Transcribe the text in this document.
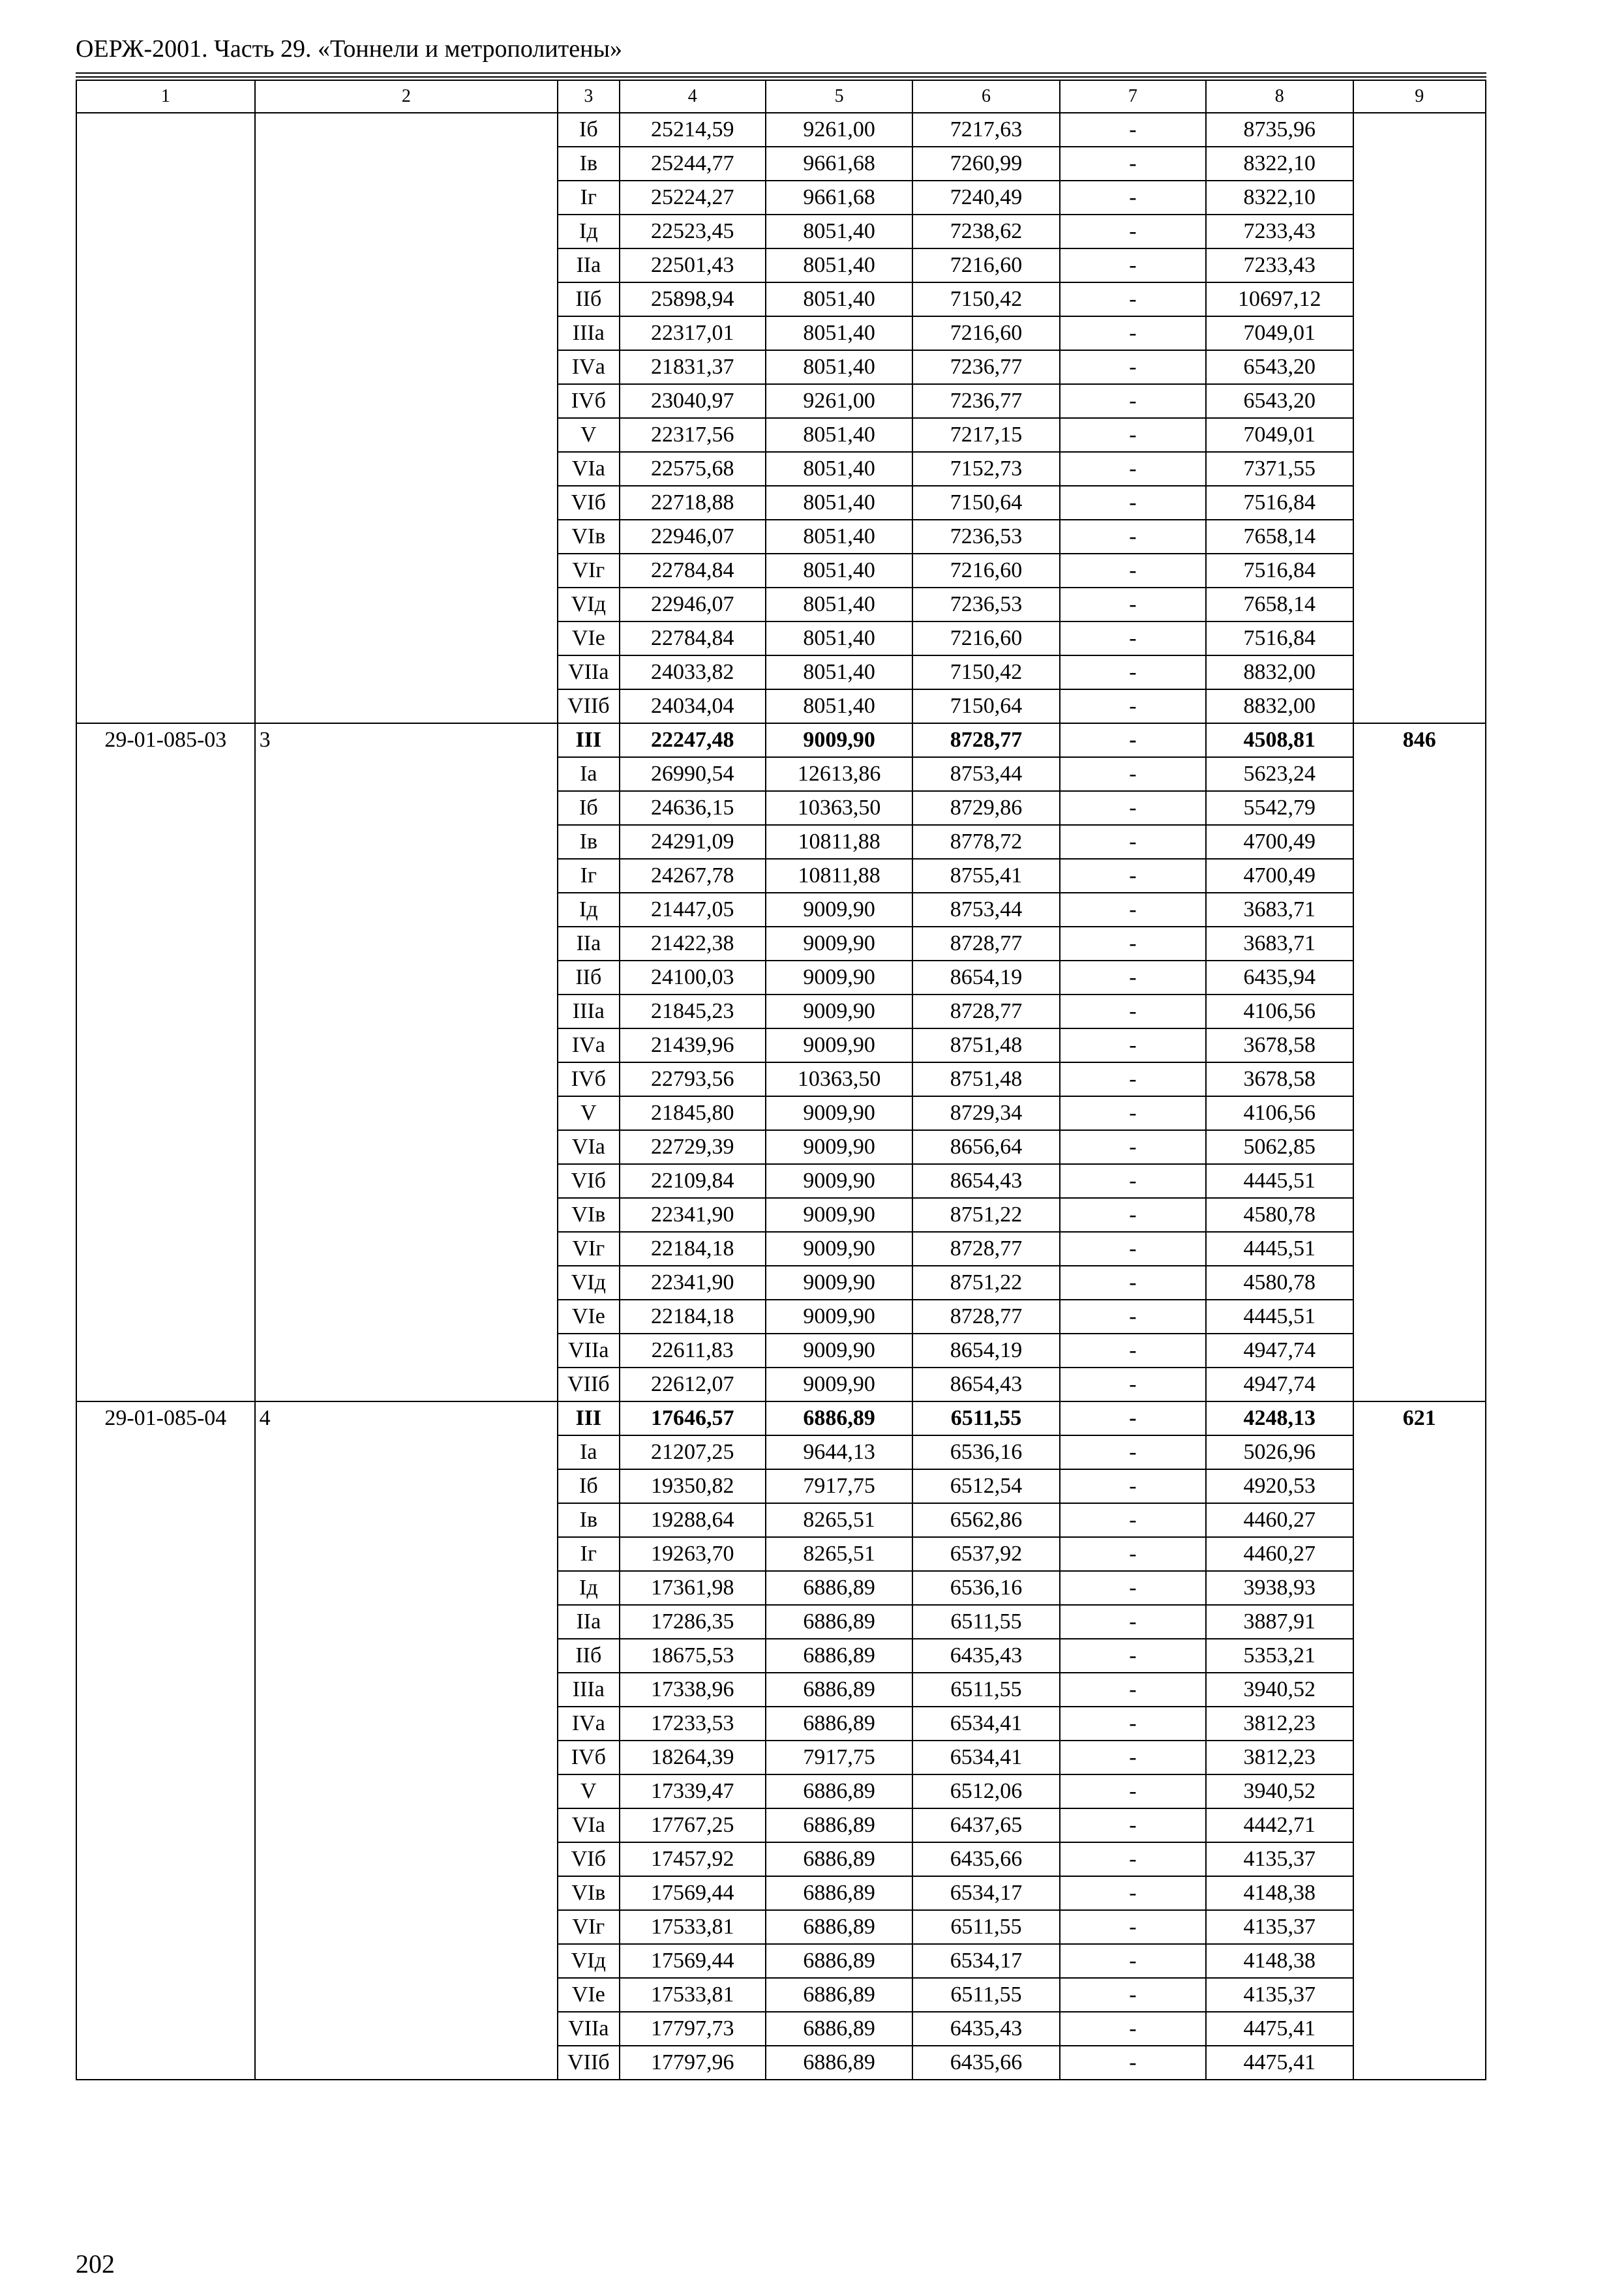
ОЕРЖ-2001. Часть 29. «Тоннели и метрополитены»
1	2	3	4	5	6	7	8	9
		Iб	25214,59	9261,00	7217,63	-	8735,96	
		Iв	25244,77	9661,68	7260,99	-	8322,10	
		Iг	25224,27	9661,68	7240,49	-	8322,10	
		Iд	22523,45	8051,40	7238,62	-	7233,43	
		IIа	22501,43	8051,40	7216,60	-	7233,43	
		IIб	25898,94	8051,40	7150,42	-	10697,12	
		IIIа	22317,01	8051,40	7216,60	-	7049,01	
		IVа	21831,37	8051,40	7236,77	-	6543,20	
		IVб	23040,97	9261,00	7236,77	-	6543,20	
		V	22317,56	8051,40	7217,15	-	7049,01	
		VIа	22575,68	8051,40	7152,73	-	7371,55	
		VIб	22718,88	8051,40	7150,64	-	7516,84	
		VIв	22946,07	8051,40	7236,53	-	7658,14	
		VIг	22784,84	8051,40	7216,60	-	7516,84	
		VIд	22946,07	8051,40	7236,53	-	7658,14	
		VIе	22784,84	8051,40	7216,60	-	7516,84	
		VIIа	24033,82	8051,40	7150,42	-	8832,00	
		VIIб	24034,04	8051,40	7150,64	-	8832,00	
29-01-085-03	3	III	22247,48	9009,90	8728,77	-	4508,81	846
		Iа	26990,54	12613,86	8753,44	-	5623,24	
		Iб	24636,15	10363,50	8729,86	-	5542,79	
		Iв	24291,09	10811,88	8778,72	-	4700,49	
		Iг	24267,78	10811,88	8755,41	-	4700,49	
		Iд	21447,05	9009,90	8753,44	-	3683,71	
		IIа	21422,38	9009,90	8728,77	-	3683,71	
		IIб	24100,03	9009,90	8654,19	-	6435,94	
		IIIа	21845,23	9009,90	8728,77	-	4106,56	
		IVа	21439,96	9009,90	8751,48	-	3678,58	
		IVб	22793,56	10363,50	8751,48	-	3678,58	
		V	21845,80	9009,90	8729,34	-	4106,56	
		VIа	22729,39	9009,90	8656,64	-	5062,85	
		VIб	22109,84	9009,90	8654,43	-	4445,51	
		VIв	22341,90	9009,90	8751,22	-	4580,78	
		VIг	22184,18	9009,90	8728,77	-	4445,51	
		VIд	22341,90	9009,90	8751,22	-	4580,78	
		VIе	22184,18	9009,90	8728,77	-	4445,51	
		VIIа	22611,83	9009,90	8654,19	-	4947,74	
		VIIб	22612,07	9009,90	8654,43	-	4947,74	
29-01-085-04	4	III	17646,57	6886,89	6511,55	-	4248,13	621
		Iа	21207,25	9644,13	6536,16	-	5026,96	
		Iб	19350,82	7917,75	6512,54	-	4920,53	
		Iв	19288,64	8265,51	6562,86	-	4460,27	
		Iг	19263,70	8265,51	6537,92	-	4460,27	
		Iд	17361,98	6886,89	6536,16	-	3938,93	
		IIа	17286,35	6886,89	6511,55	-	3887,91	
		IIб	18675,53	6886,89	6435,43	-	5353,21	
		IIIа	17338,96	6886,89	6511,55	-	3940,52	
		IVа	17233,53	6886,89	6534,41	-	3812,23	
		IVб	18264,39	7917,75	6534,41	-	3812,23	
		V	17339,47	6886,89	6512,06	-	3940,52	
		VIа	17767,25	6886,89	6437,65	-	4442,71	
		VIб	17457,92	6886,89	6435,66	-	4135,37	
		VIв	17569,44	6886,89	6534,17	-	4148,38	
		VIг	17533,81	6886,89	6511,55	-	4135,37	
		VIд	17569,44	6886,89	6534,17	-	4148,38	
		VIе	17533,81	6886,89	6511,55	-	4135,37	
		VIIа	17797,73	6886,89	6435,43	-	4475,41	
		VIIб	17797,96	6886,89	6435,66	-	4475,41	
202
